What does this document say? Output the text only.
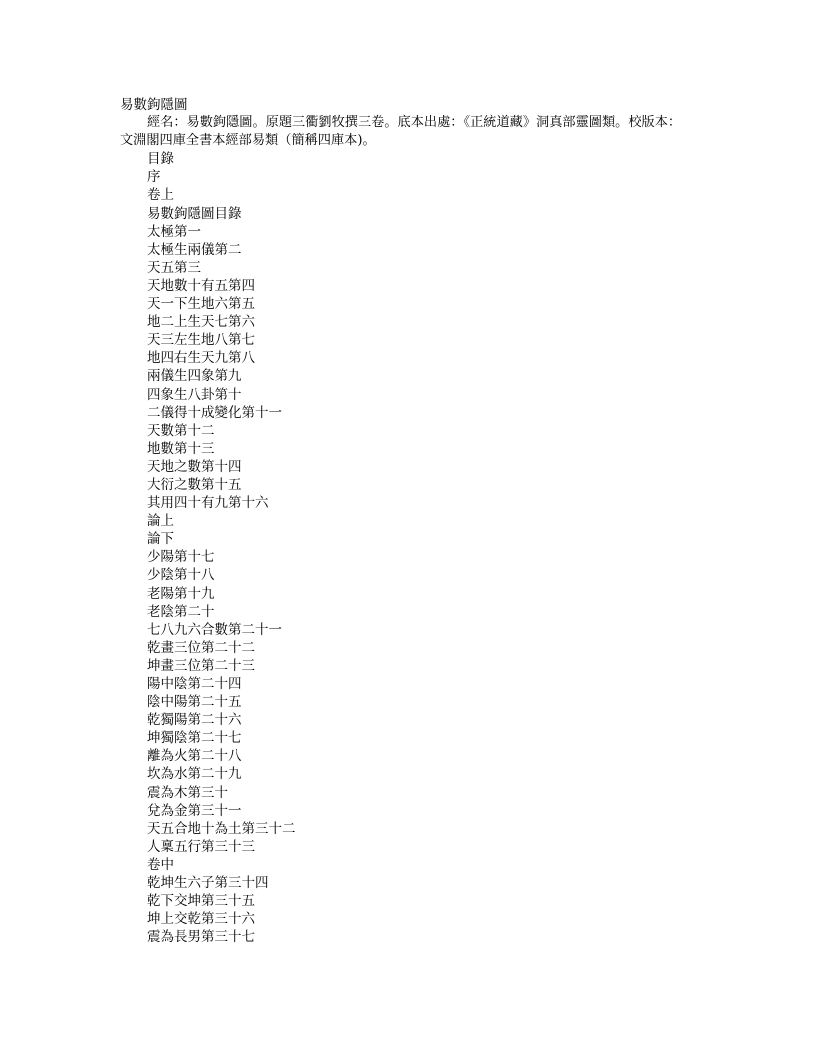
易數鉤隱圖
經名：易數鉤隱圖。原題三衢劉牧撰三卷。底本出處：《正統道藏》洞真部靈圖類。校版本：
文淵閣四庫全書本經部易類（簡稱四庫本)。
目錄
序
卷上
易數鉤隱圖目錄
太極第一
太極生兩儀第二
天五第三
天地數十有五第四
天一下生地六第五
地二上生天七第六
天三左生地八第七
地四右生天九第八
兩儀生四象第九
四象生八卦第十
二儀得十成變化第十一
天數第十二
地數第十三
天地之數第十四
大衍之數第十五
其用四十有九第十六
論上
論下
少陽第十七
少陰第十八
老陽第十九
老陰第二十
七八九六合數第二十一
乾畫三位第二十二
坤畫三位第二十三
陽中陰第二十四
陰中陽第二十五
乾獨陽第二十六
坤獨陰第二十七
離為火第二十八
坎為水第二十九
震為木第三十
兌為金第三十一
天五合地十為土第三十二
人稟五行第三十三
卷中
乾坤生六子第三十四
乾下交坤第三十五
坤上交乾第三十六
震為長男第三十七
